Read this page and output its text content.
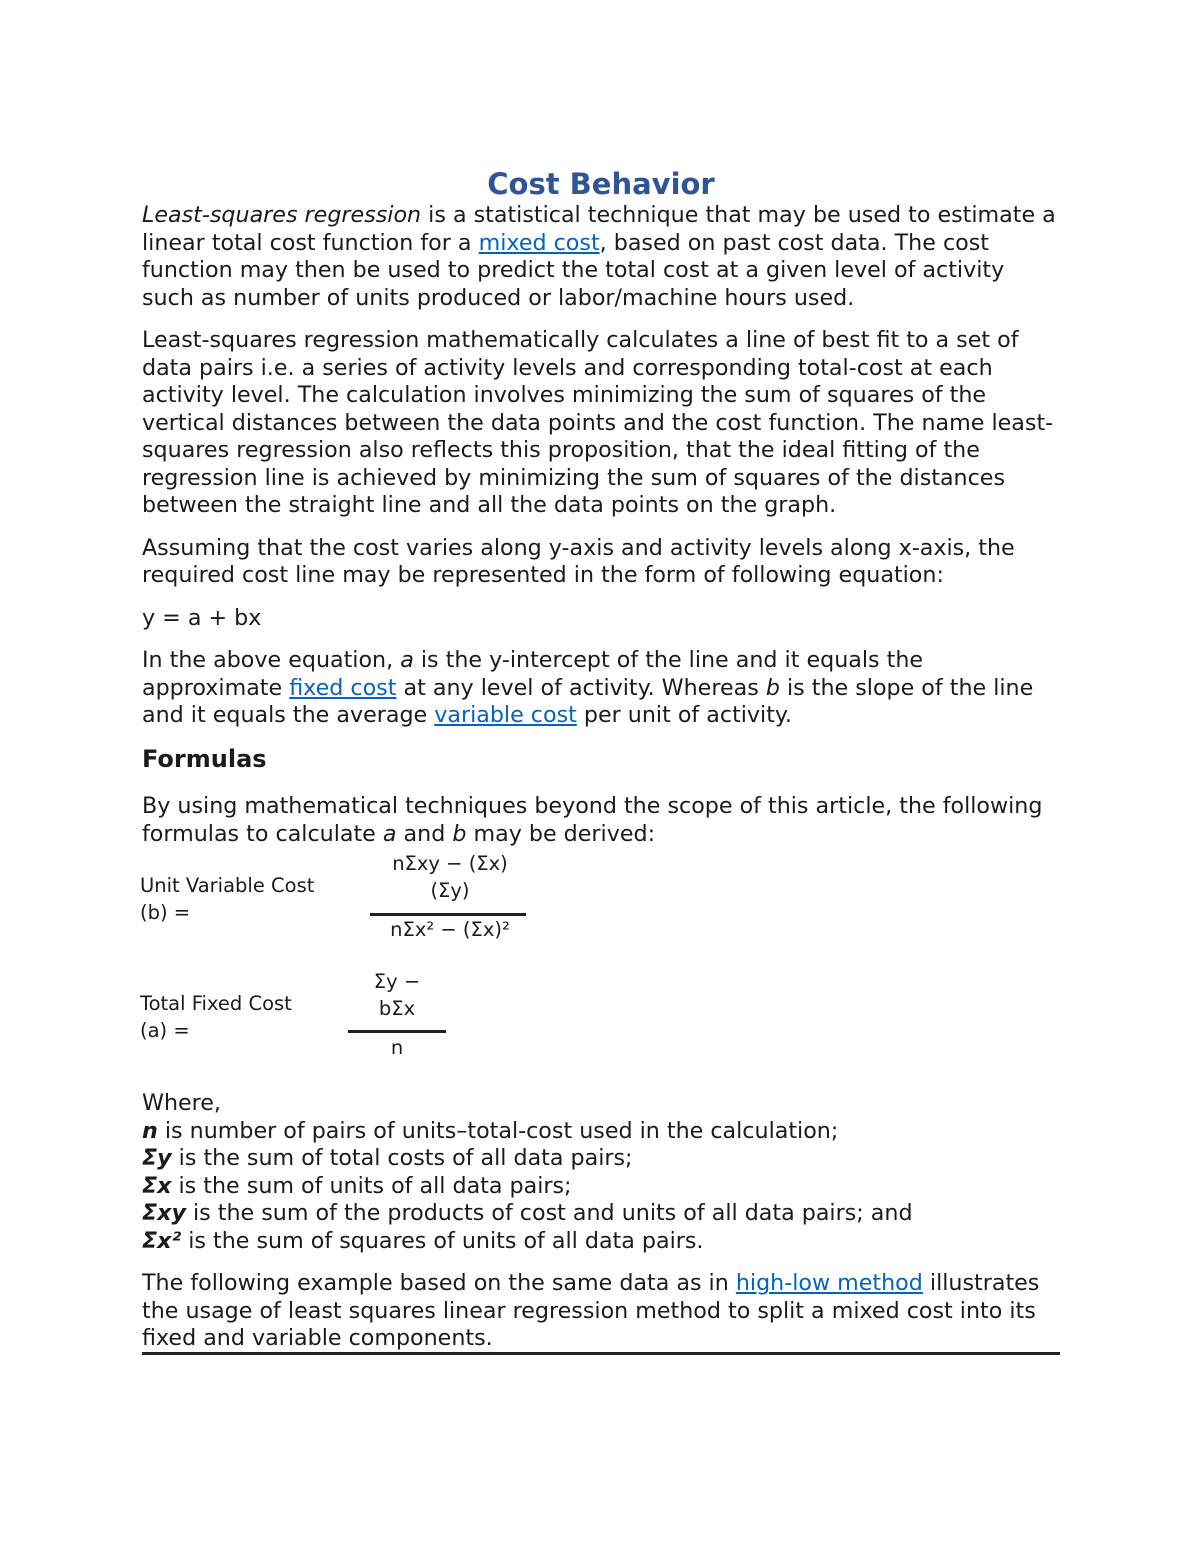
Cost Behavior

Least-squares regression is a statistical technique that may be used to estimate a linear total cost function for a mixed cost, based on past cost data. The cost function may then be used to predict the total cost at a given level of activity such as number of units produced or labor/machine hours used.

Least-squares regression mathematically calculates a line of best fit to a set of data pairs i.e. a series of activity levels and corresponding total-cost at each activity level. The calculation involves minimizing the sum of squares of the vertical distances between the data points and the cost function. The name least-squares regression also reflects this proposition, that the ideal fitting of the regression line is achieved by minimizing the sum of squares of the distances between the straight line and all the data points on the graph.

Assuming that the cost varies along y-axis and activity levels along x-axis, the required cost line may be represented in the form of following equation:

y = a + bx

In the above equation, a is the y-intercept of the line and it equals the approximate fixed cost at any level of activity. Whereas b is the slope of the line and it equals the average variable cost per unit of activity.

Formulas

By using mathematical techniques beyond the scope of this article, the following formulas to calculate a and b may be derived:

Unit Variable Cost
(b) =
nΣxy − (Σx)
(Σy)
nΣx² − (Σx)²
Total Fixed Cost
(a) =
Σy −
bΣx
n
Where,
n is number of pairs of units–total-cost used in the calculation;
Σy is the sum of total costs of all data pairs;
Σx is the sum of units of all data pairs;
Σxy is the sum of the products of cost and units of all data pairs; and
Σx² is the sum of squares of units of all data pairs.

The following example based on the same data as in high-low method illustrates the usage of least squares linear regression method to split a mixed cost into its fixed and variable components.
